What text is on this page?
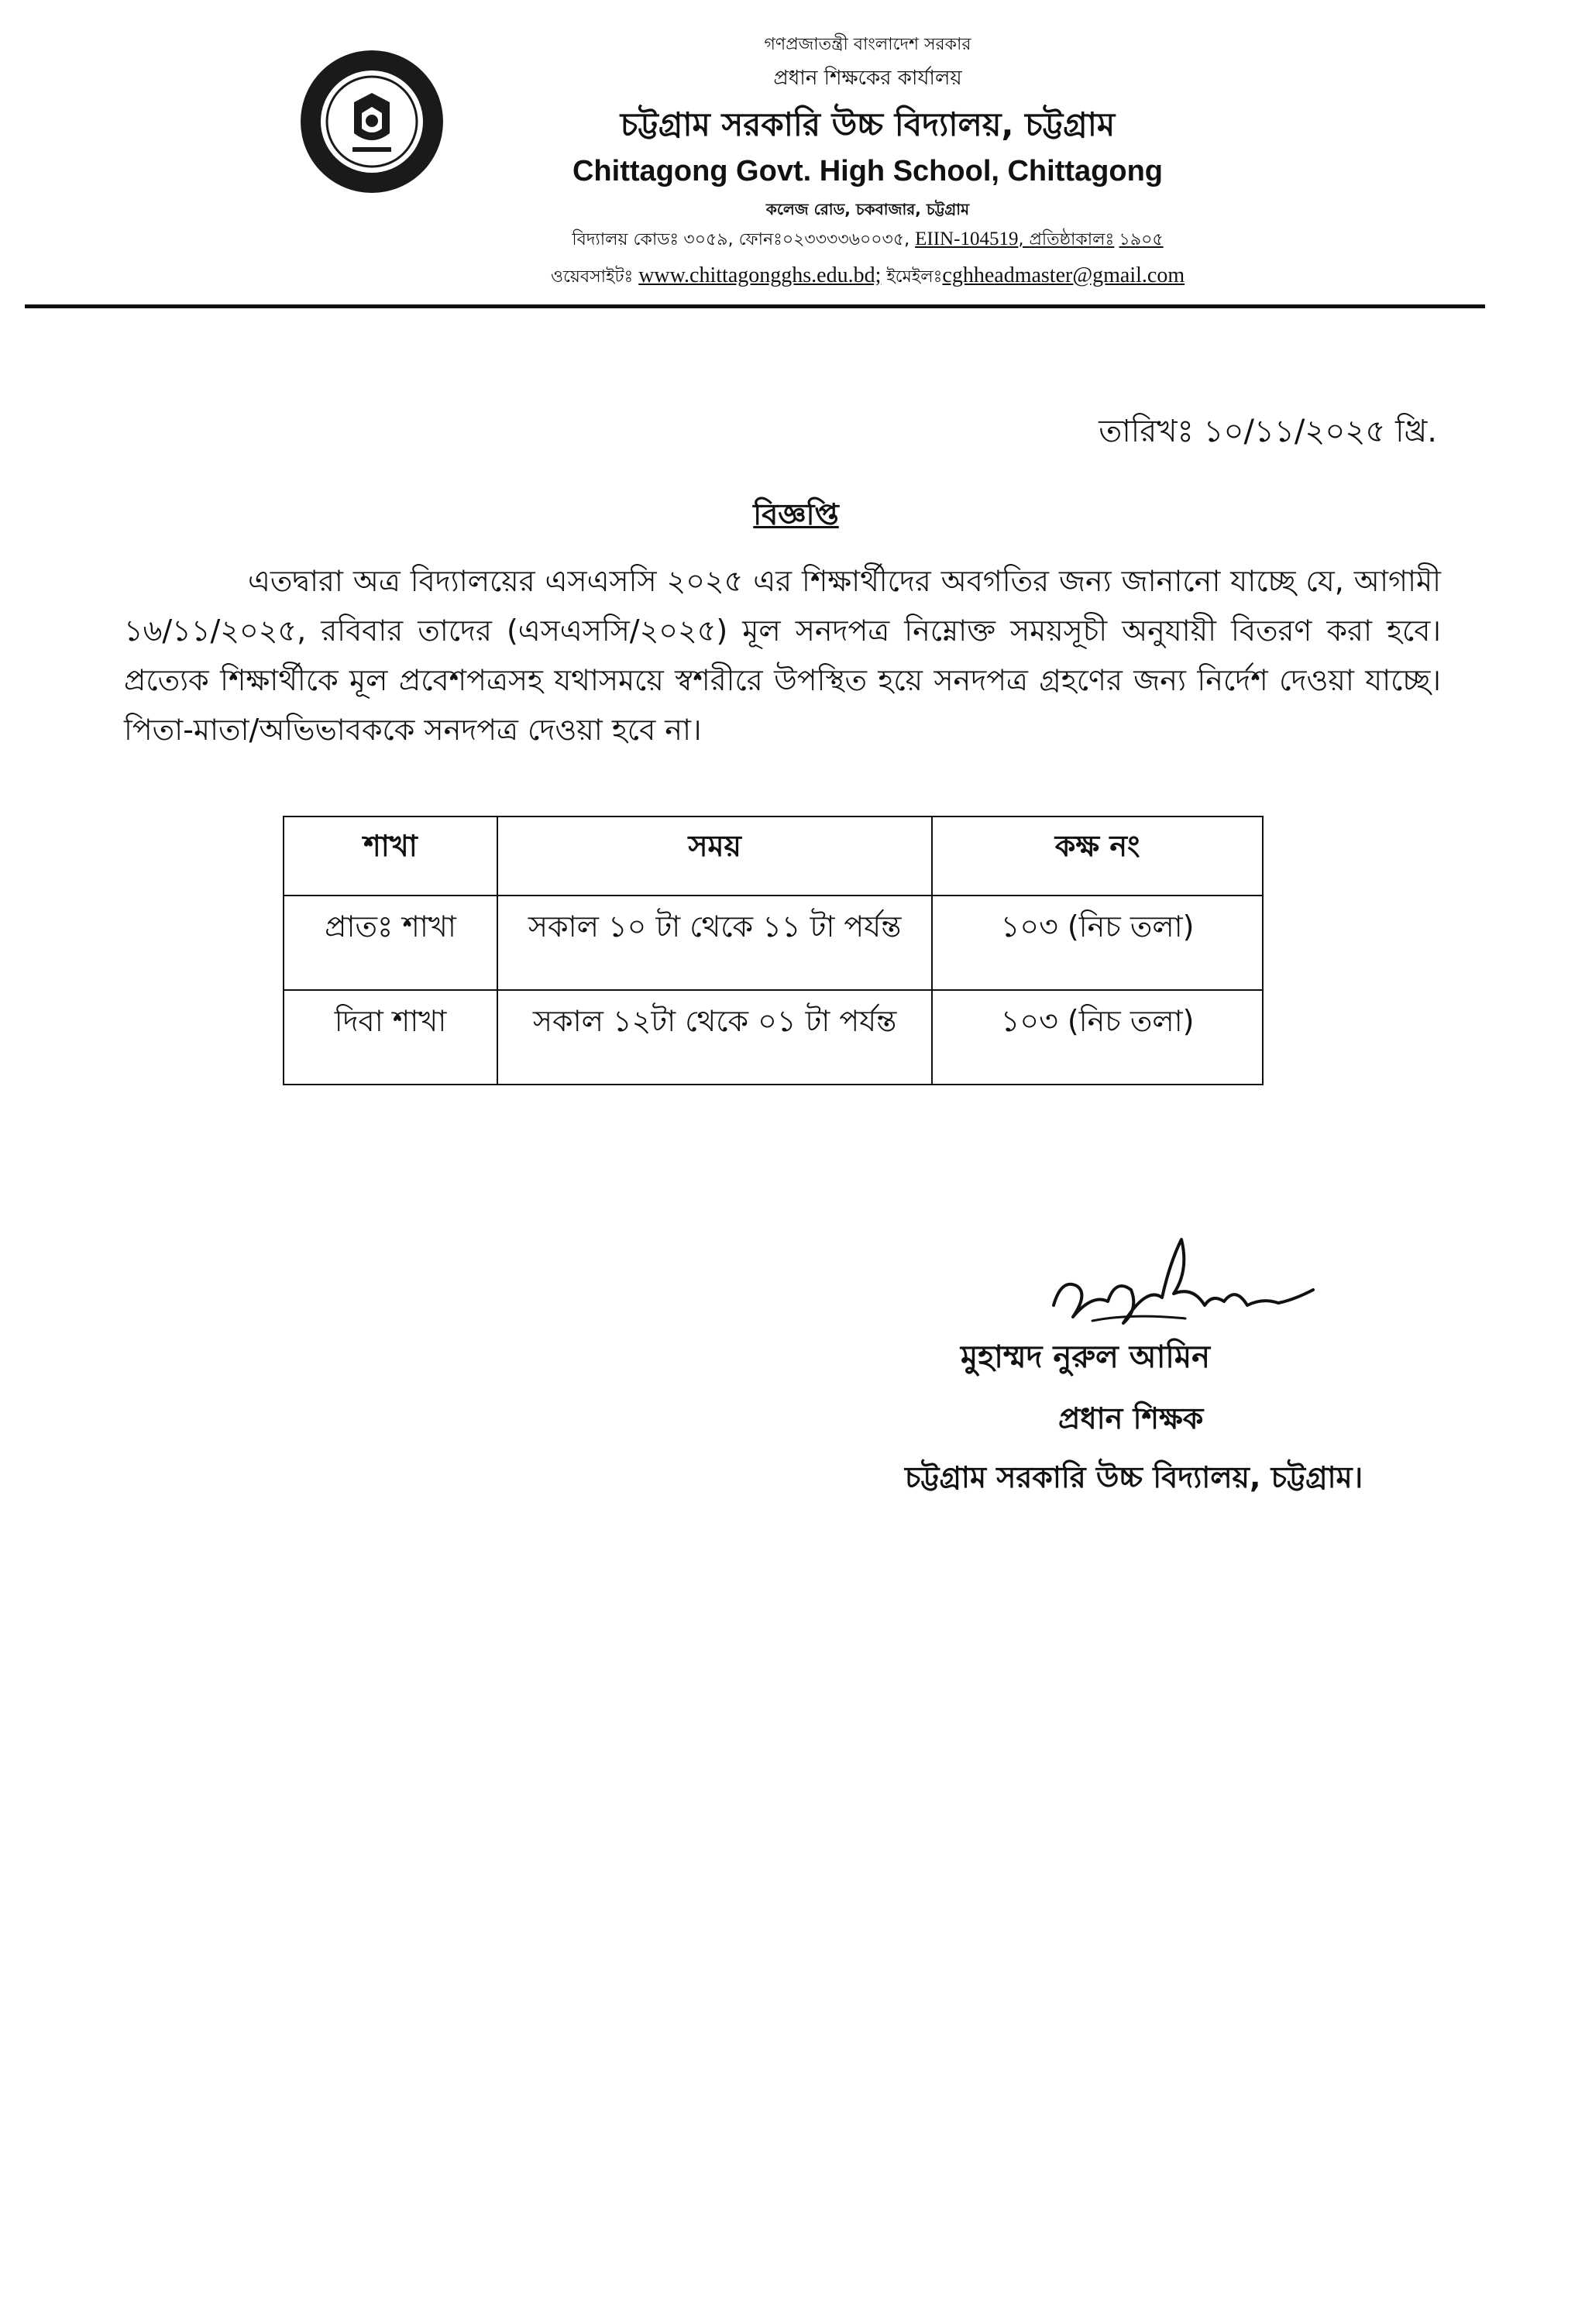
গণপ্রজাতন্ত্রী বাংলাদেশ সরকার
প্রধান শিক্ষকের কার্যালয়
চট্টগ্রাম সরকারি উচ্চ বিদ্যালয়, চট্টগ্রাম
Chittagong Govt. High School, Chittagong
কলেজ রোড, চকবাজার, চট্টগ্রাম
বিদ্যালয় কোডঃ ৩০৫৯, ফোনঃ০২৩৩৩৩৬০০৩৫, EIIN-104519, প্রতিষ্ঠাকালঃ ১৯০৫
ওয়েবসাইটঃ www.chittagongghs.edu.bd; ইমেইলঃcghheadmaster@gmail.com
তারিখঃ ১০/১১/২০২৫ খ্রি.
বিজ্ঞপ্তি
এতদ্বারা অত্র বিদ্যালয়ের এসএসসি ২০২৫ এর শিক্ষার্থীদের অবগতির জন্য জানানো যাচ্ছে যে, আগামী ১৬/১১/২০২৫, রবিবার তাদের (এসএসসি/২০২৫) মূল সনদপত্র নিম্নোক্ত সময়সূচী অনুযায়ী বিতরণ করা হবে। প্রত্যেক শিক্ষার্থীকে মূল প্রবেশপত্রসহ যথাসময়ে স্বশরীরে উপস্থিত হয়ে সনদপত্র গ্রহণের জন্য নির্দেশ দেওয়া যাচ্ছে। পিতা-মাতা/অভিভাবককে সনদপত্র দেওয়া হবে না।
শাখা	সময়	কক্ষ নং
প্রাতঃ শাখা	সকাল ১০ টা থেকে ১১ টা পর্যন্ত	১০৩ (নিচ তলা)
দিবা শাখা	সকাল ১২টা থেকে ০১ টা পর্যন্ত	১০৩ (নিচ তলা)
মুহাম্মদ নুরুল আমিন
প্রধান শিক্ষক
চট্টগ্রাম সরকারি উচ্চ বিদ্যালয়, চট্টগ্রাম।
